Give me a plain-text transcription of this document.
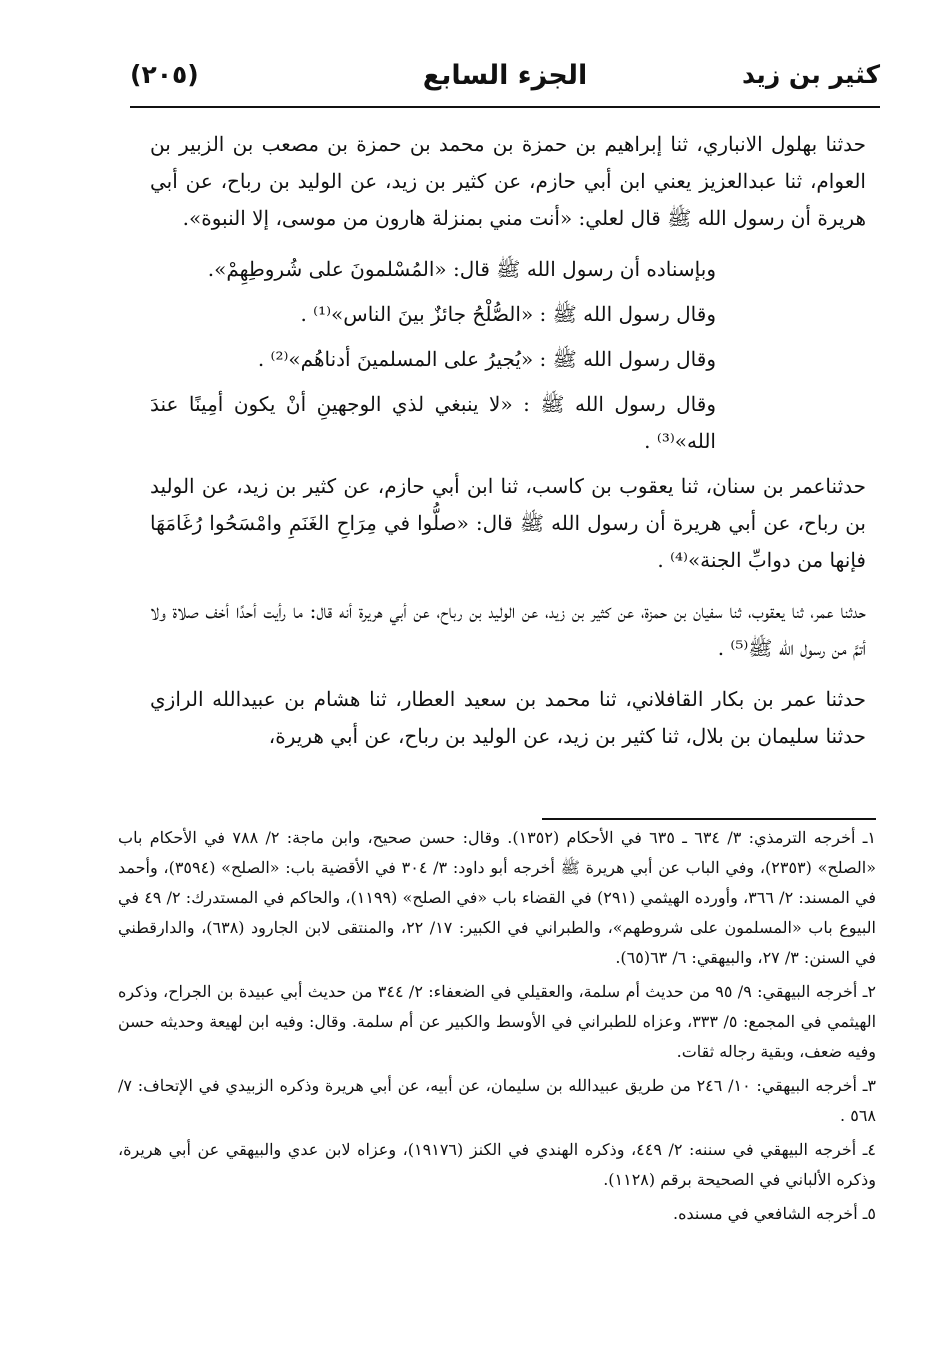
كثير بن زيد
الجزء السابع
(٢٠٥)

حدثنا بهلول الانباري، ثنا إبراهيم بن حمزة بن محمد بن حمزة بن مصعب بن الزبير بن العوام، ثنا عبدالعزيز يعني ابن أبي حازم، عن كثير بن زيد، عن الوليد بن رباح، عن أبي هريرة أن رسول الله ﷺ قال لعلي: «أنت مني بمنزلة هارون من موسى، إلا النبوة».

وبإسناده أن رسول الله ﷺ قال: «المُسْلمونَ على شُروطِهِمْ».

وقال رسول الله ﷺ : «الصُّلْحُ جائزٌ بينَ الناس»⁽¹⁾ .

وقال رسول الله ﷺ : «يُجيرُ على المسلمينَ أدناهُم»⁽²⁾ .

وقال رسول الله ﷺ : «لا ينبغي لذي الوجهينِ أنْ يكون أمِينًا عندَ الله»⁽³⁾ .

حدثناعمر بن سنان، ثنا يعقوب بن كاسب، ثنا ابن أبي حازم، عن كثير بن زيد، عن الوليد بن رباح، عن أبي هريرة أن رسول الله ﷺ قال: «صلُّوا في مِرَاحِ الغَنَمِ وامْسَحُوا رُغَامَهَا فإنها من دوابِّ الجنة»⁽⁴⁾ .

حدثنا عمر، ثنا يعقوب، ثنا سفيان بن حمزة، عن كثير بن زيد، عن الوليد بن رباح، عن أبي هريرة أنه قال: ما رأيت أحدًا أخف صلاة ولا أتمَّ من رسول الله ﷺ⁽⁵⁾ .

حدثنا عمر بن بكار القافلاني، ثنا محمد بن سعيد العطار، ثنا هشام بن عبيدالله الرازي حدثنا سليمان بن بلال، ثنا كثير بن زيد، عن الوليد بن رباح، عن أبي هريرة،

١ـ أخرجه الترمذي: ٣/ ٦٣٤ ـ ٦٣٥ في الأحكام (١٣٥٢). وقال: حسن صحيح، وابن ماجة: ٢/ ٧٨٨ في الأحكام باب «الصلح» (٢٣٥٣)، وفي الباب عن أبي هريرة ﷺ أخرجه أبو داود: ٣/ ٣٠٤ في الأقضية باب: «الصلح» (٣٥٩٤)، وأحمد في المسند: ٢/ ٣٦٦، وأورده الهيثمي (٢٩١) في القضاء باب «في الصلح» (١١٩٩)، والحاكم في المستدرك: ٢/ ٤٩ في البيوع باب «المسلمون على شروطهم»، والطبراني في الكبير: ١٧/ ٢٢، والمنتقى لابن الجارود (٦٣٨)، والدارقطني في السنن: ٣/ ٢٧، والبيهقي: ٦/ ٦٣(٦٥).

٢ـ أخرجه البيهقي: ٩/ ٩٥ من حديث أم سلمة، والعقيلي في الضعفاء: ٢/ ٣٤٤ من حديث أبي عبيدة بن الجراح، وذكره الهيثمي في المجمع: ٥/ ٣٣٣، وعزاه للطبراني في الأوسط والكبير عن أم سلمة. وقال: وفيه ابن لهيعة وحديثه حسن وفيه ضعف، وبقية رجاله ثقات.

٣ـ أخرجه البيهقي: ١٠/ ٢٤٦ من طريق عبيدالله بن سليمان، عن أبيه، عن أبي هريرة وذكره الزبيدي في الإتحاف: ٧/ ٥٦٨ .

٤ـ أخرجه البيهقي في سننه: ٢/ ٤٤٩، وذكره الهندي في الكنز (١٩١٧٦)، وعزاه لابن عدي والبيهقي عن أبي هريرة، وذكره الألباني في الصحيحة برقم (١١٢٨).

٥ـ أخرجه الشافعي في مسنده.
